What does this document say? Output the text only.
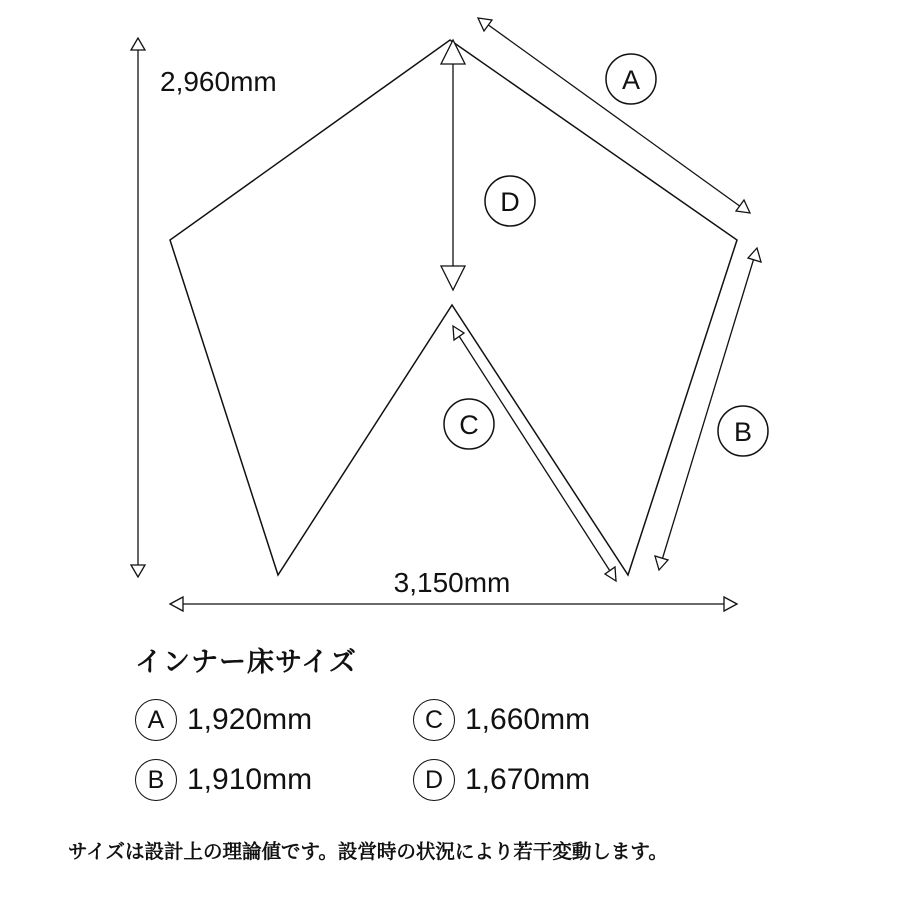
2,960mm
3,150mm
A
B
C
D
インナー床サイズ
A 1,920mm	C 1,660mm
B 1,910mm	D 1,670mm
サイズは設計上の理論値です。設営時の状況により若干変動します。
